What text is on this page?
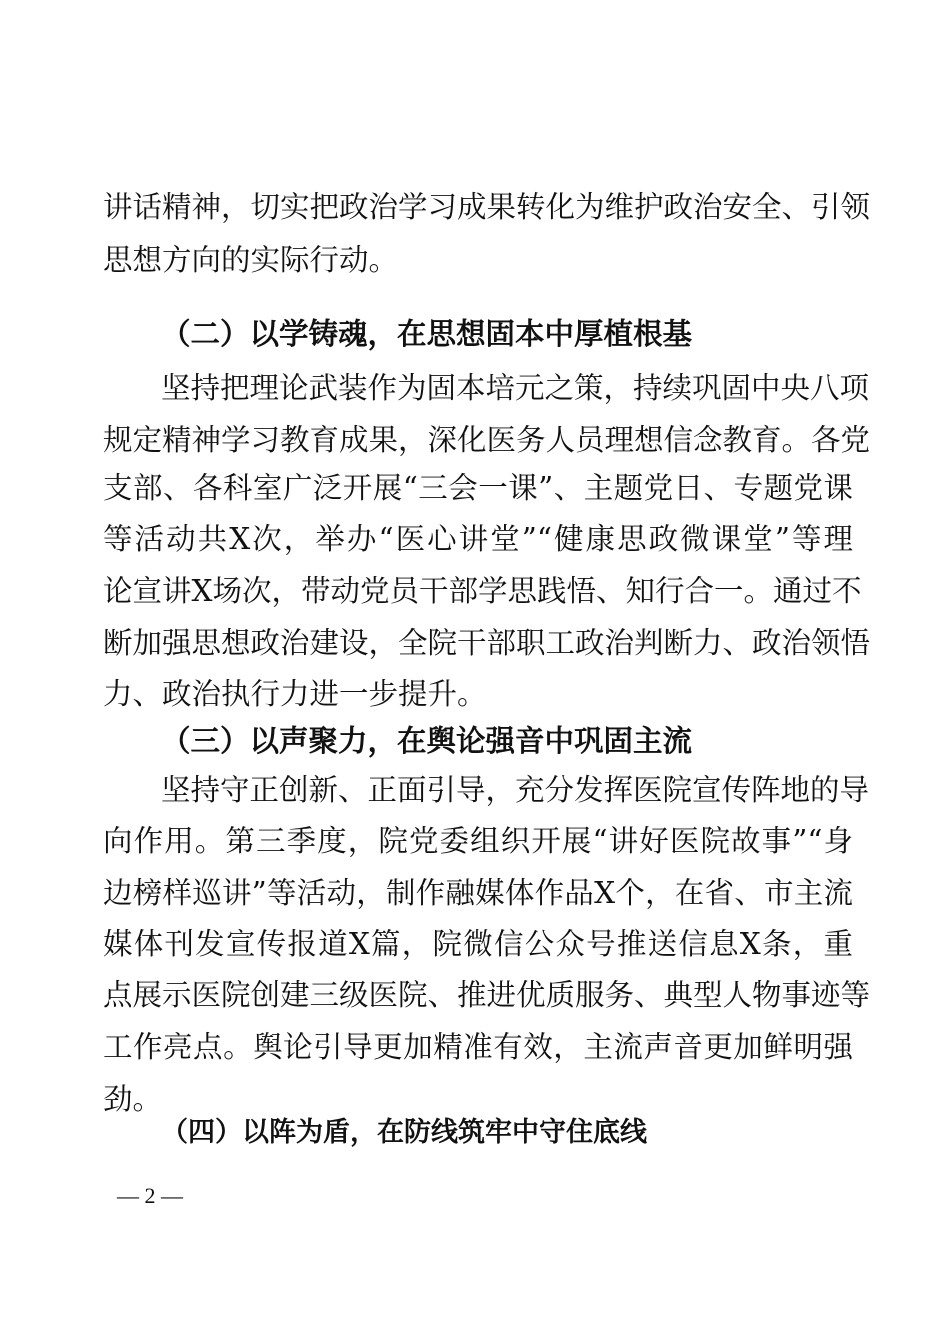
讲话精神，切实把政治学习成果转化为维护政治安全、引领
思想方向的实际行动。
（二）以学铸魂，在思想固本中厚植根基
坚持把理论武装作为固本培元之策，持续巩固中央八项
规定精神学习教育成果，深化医务人员理想信念教育。各党
支部、各科室广泛开展“三会一课”、主题党日、专题党课
等活动共X次，举办“医心讲堂”“健康思政微课堂”等理
论宣讲X场次，带动党员干部学思践悟、知行合一。通过不
断加强思想政治建设，全院干部职工政治判断力、政治领悟
力、政治执行力进一步提升。
（三）以声聚力，在舆论强音中巩固主流
坚持守正创新、正面引导，充分发挥医院宣传阵地的导
向作用。第三季度，院党委组织开展“讲好医院故事”“身
边榜样巡讲”等活动，制作融媒体作品X个，在省、市主流
媒体刊发宣传报道X篇，院微信公众号推送信息X条，重
点展示医院创建三级医院、推进优质服务、典型人物事迹等
工作亮点。舆论引导更加精准有效，主流声音更加鲜明强
劲。
（四）以阵为盾，在防线筑牢中守住底线
— 2 —
